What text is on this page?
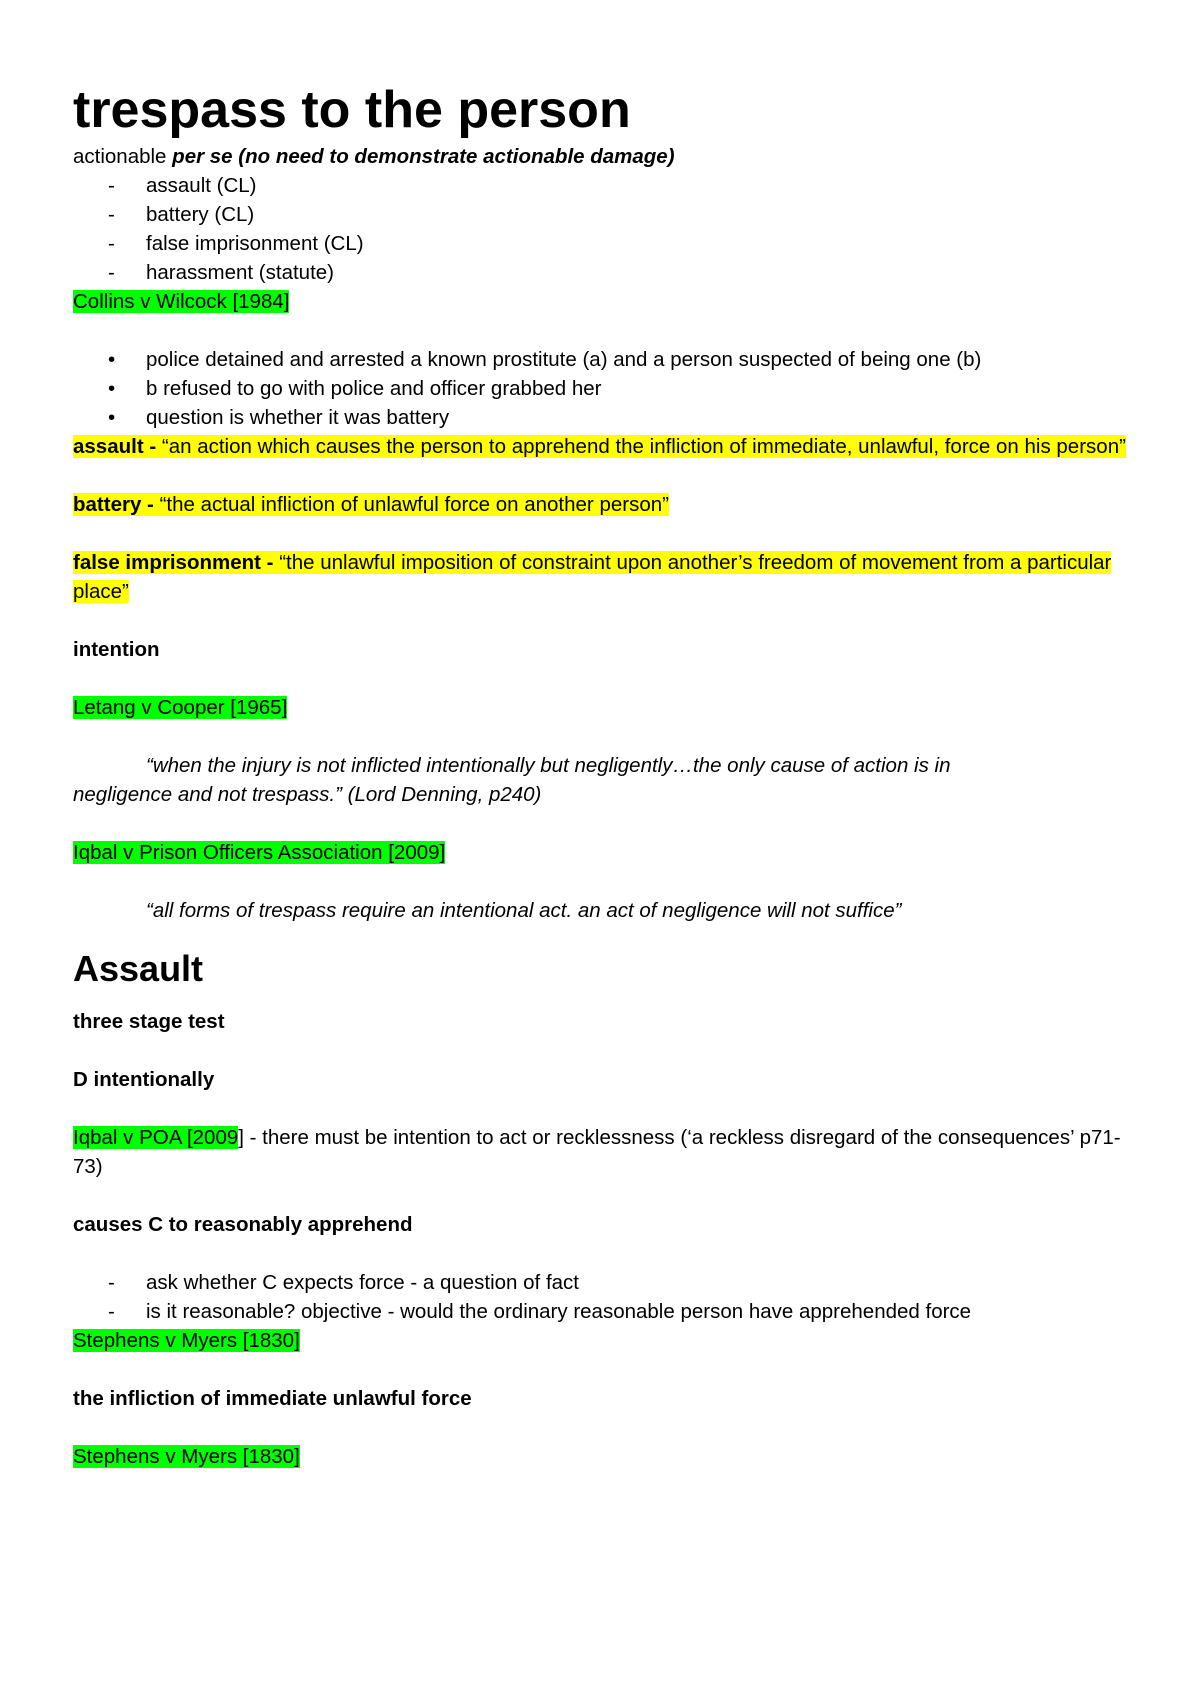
trespass to the person

actionable per se (no need to demonstrate actionable damage)

-	assault (CL)
-	battery (CL)
-	false imprisonment (CL)
-	harassment (statute)

Collins v Wilcock [1984]

•	police detained and arrested a known prostitute (a) and a person suspected of being one (b)
•	b refused to go with police and officer grabbed her
•	question is whether it was battery

assault - “an action which causes the person to apprehend the infliction of immediate, unlawful, force on his person”

battery - “the actual infliction of unlawful force on another person”

false imprisonment - “the unlawful imposition of constraint upon another’s freedom of movement from a particular place”

intention

Letang v Cooper [1965]

“when the injury is not inflicted intentionally but negligently…the only cause of action is in

negligence and not trespass.” (Lord Denning, p240)

Iqbal v Prison Officers Association [2009]

“all forms of trespass require an intentional act. an act of negligence will not suffice”

Assault

three stage test

D intentionally

Iqbal v POA [2009] - there must be intention to act or recklessness (‘a reckless disregard of the consequences’ p71-73)

causes C to reasonably apprehend

-	ask whether C expects force - a question of fact
-	is it reasonable? objective - would the ordinary reasonable person have apprehended force

Stephens v Myers [1830]

the infliction of immediate unlawful force

Stephens v Myers [1830]
